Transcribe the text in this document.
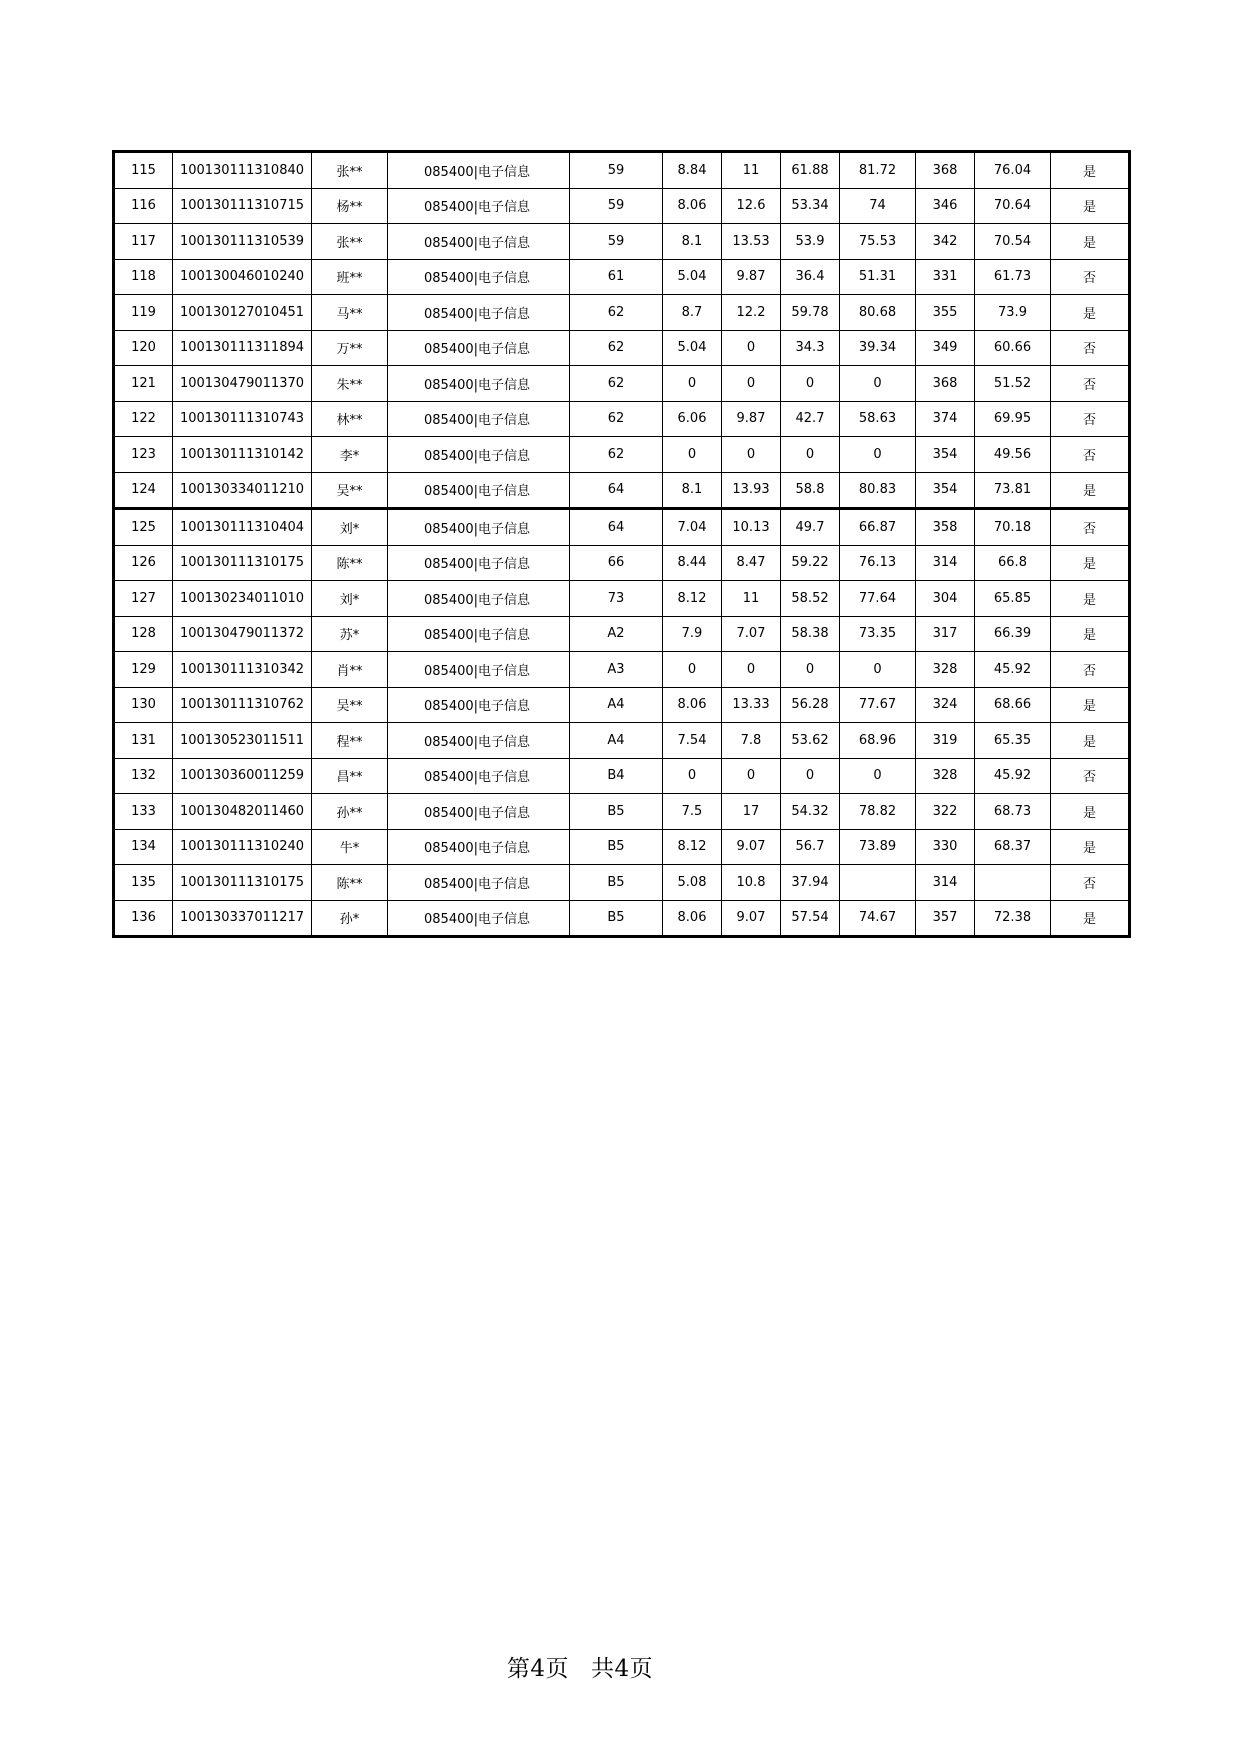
115	100130111310840	张**	085400|电子信息	59	8.84	11	61.88	81.72	368	76.04	是
116	100130111310715	杨**	085400|电子信息	59	8.06	12.6	53.34	74	346	70.64	是
117	100130111310539	张**	085400|电子信息	59	8.1	13.53	53.9	75.53	342	70.54	是
118	100130046010240	班**	085400|电子信息	61	5.04	9.87	36.4	51.31	331	61.73	否
119	100130127010451	马**	085400|电子信息	62	8.7	12.2	59.78	80.68	355	73.9	是
120	100130111311894	万**	085400|电子信息	62	5.04	0	34.3	39.34	349	60.66	否
121	100130479011370	朱**	085400|电子信息	62	0	0	0	0	368	51.52	否
122	100130111310743	林**	085400|电子信息	62	6.06	9.87	42.7	58.63	374	69.95	否
123	100130111310142	李*	085400|电子信息	62	0	0	0	0	354	49.56	否
124	100130334011210	吴**	085400|电子信息	64	8.1	13.93	58.8	80.83	354	73.81	是
125	100130111310404	刘*	085400|电子信息	64	7.04	10.13	49.7	66.87	358	70.18	否
126	100130111310175	陈**	085400|电子信息	66	8.44	8.47	59.22	76.13	314	66.8	是
127	100130234011010	刘*	085400|电子信息	73	8.12	11	58.52	77.64	304	65.85	是
128	100130479011372	苏*	085400|电子信息	A2	7.9	7.07	58.38	73.35	317	66.39	是
129	100130111310342	肖**	085400|电子信息	A3	0	0	0	0	328	45.92	否
130	100130111310762	吴**	085400|电子信息	A4	8.06	13.33	56.28	77.67	324	68.66	是
131	100130523011511	程**	085400|电子信息	A4	7.54	7.8	53.62	68.96	319	65.35	是
132	100130360011259	昌**	085400|电子信息	B4	0	0	0	0	328	45.92	否
133	100130482011460	孙**	085400|电子信息	B5	7.5	17	54.32	78.82	322	68.73	是
134	100130111310240	牛*	085400|电子信息	B5	8.12	9.07	56.7	73.89	330	68.37	是
135	100130111310175	陈**	085400|电子信息	B5	5.08	10.8	37.94		314		否
136	100130337011217	孙*	085400|电子信息	B5	8.06	9.07	57.54	74.67	357	72.38	是
第4页 共4页
